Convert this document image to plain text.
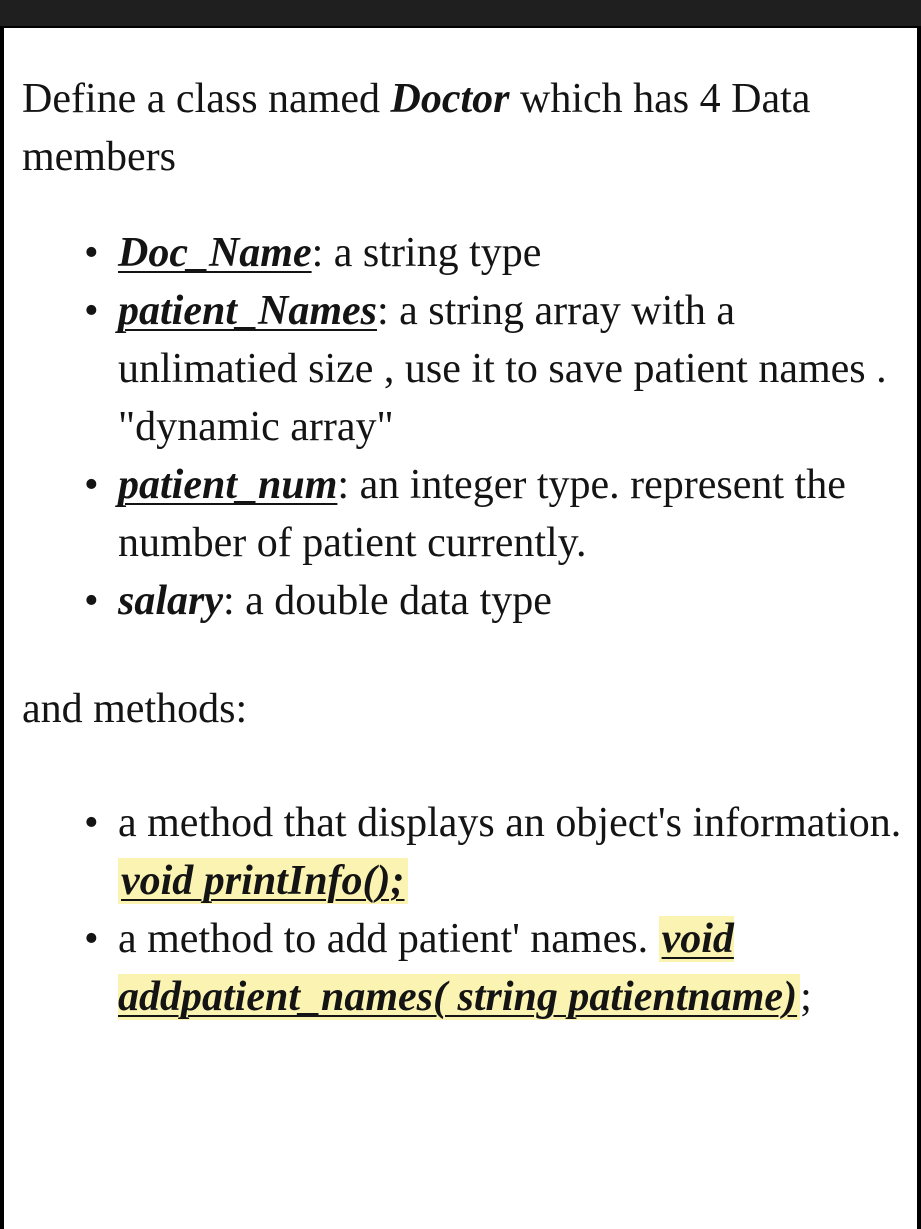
Define a class named Doctor which has 4 Data members

• Doc_Name: a string type
• patient_Names: a string array with a unlimatied size , use it to save patient names . "dynamic array"
• patient_num: an integer type. represent the number of patient currently.
• salary: a double data type

and methods:

• a method that displays an object's information. void printInfo();
• a method to add patient' names. void addpatient_names( string patientname);
